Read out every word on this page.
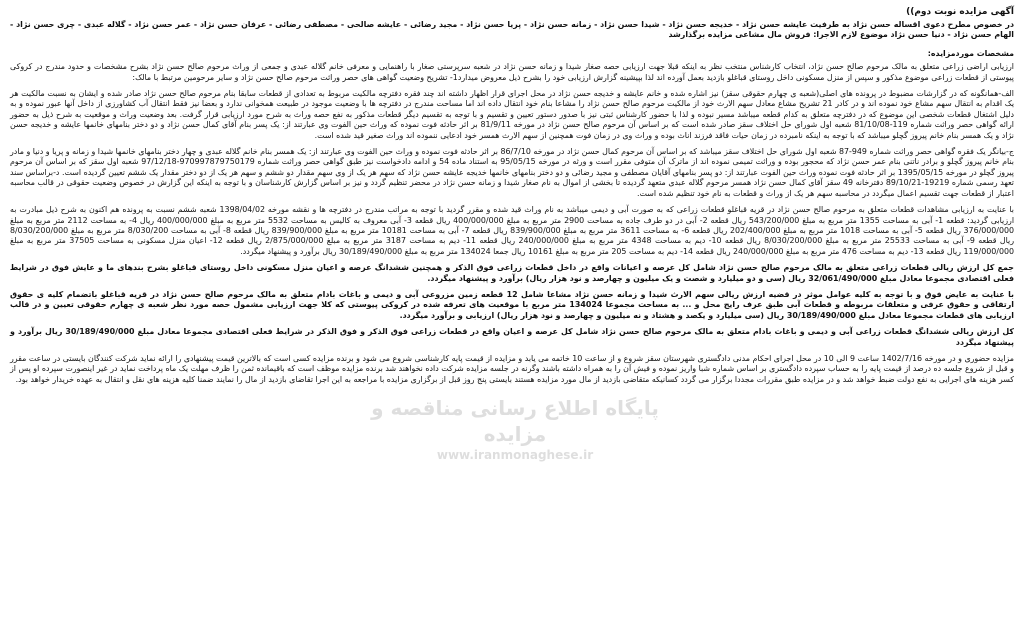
آگهی مزایده نوبت دوم))
در خصوص مطرح دعوی اقساله حسن نژاد به طرفیت عایشه حسن نژاد - خدیجه حسن نژاد - شیدا حسن نژاد - زمانه حسن نژاد - پریا حسن نژاد - مجید رضائی - عایشه صالحی - مصطفی رضائی - عرفان حسن نژاد - عمر حسن نژاد - گلاله عبدی - چری حسن نژاد - الهام حسن نژاد - دنیا حسن نژاد موضوع لازم الاجرا: فروش مال مشاعی مزایده برگذارشد
مشخصات موردمزایده:

ارزیابی اراضی زراعی متعلق به مالک مرحوم صالح حسن نژاد، انتخاب کارشناس منتخب نظر به اینکه قبلا جهت ارزیابی حصه صغار شیدا و زمانه حسن نژاد در شعبه سرپرستی صغار با راهنمایی و معرفی خانم گلاله عبدی و جمعی از وراث مرحوم صالح حسن نژاد بشرح مشخصات و حدود مندرج در کروکی پیوستی از قطعات زراعی موضوع مذکور و سپس از منزل مسکونی داخل روستای قباغلو بازدید بعمل آورده اند لذا بپیشینه گزارش ارزیابی خود را بشرح ذیل معروض میدارد1- تشریح وضعیت گواهی های حصر وراثت مرحوم صالح حسن نژاد و سایر مرحومین مرتبط با مالک:

الف-همانگونه که در گزارشات مضبوط در پرونده های اصلی(شعبه ی چهارم حقوقی سقز) نیز اشاره شده و خانم عایشه و خدیجه حسن نژاد در محل اجرای قرار اظهار داشته اند چند فقره دفترچه مالکیت مربوط به تعدادی از قطعات سابقا بنام مرحوم صالح حسن نژاد صادر شده و ایشان به نسبت مالکیت هر یک اقدام به انتقال سهم مشاع خود نموده اند و در کادر 21 تشریح مشاع معادل سهم الارث خود از مالکیت مرحوم صالح حسن نژاد را مشاعا بنام خود انتقال داده اند اما مساحت مندرج در دفترچه ها با وضعیت موجود در طبیعت همخوانی ندارد و بعضا نیز فقط انتقال آب کشاورزی از داخل آنها عبور نموده و به دلیل اشتغال قطعات شخصی این موضوع که در دفترچه متعلق به کدام قطعه میباشد مسیر نبوده و لذا با حضور کارشناس ثبتی نیز با صدور دستور تعیین و تقسیم و با توجه به تقسیم دیگر قطعات مذکور به نفع حصه وراث به شرح مورد ارزیابی قرار گرفت. بعد وضعیت وراث و موقعیت به شرح ذیل به حضور ارائه گواهی حصر وراثت شماره 119-81/10/08 شعبه اول شورای حل اختلاف سقز صادر شده است که بر اساس آن مرحوم صالح حسن نژاد در مورخه 81/9/11 بر اثر حادثه فوت نموده که وراث حین الفوت وی عبارتند از: یک پسر بنام آقای کمال حسن نژاد و دو دختر بنامهای خانمها عایشه و خدیجه حسن نژاد و یک همسر بنام خانم پیروز گچلو میباشد که با توجه به اینکه نامبرده در زمان حیات فاقد فرزند اناث بوده و وراث وی در زمان فوت همچنین از سهم الارث همسر خود ادعایی ننموده اند وراث صغیر قید شده است.

ج-بیانگر یک فقره گواهی حصر وراثت شماره 949-87 شعبه اول شورای حل اختلاف سقز میباشد که بر اساس آن مرحوم کمال حسن نژاد در مورخه 86/7/10 بر اثر حادثه فوت نموده و وراث حین الفوت وی عبارتند از: یک همسر بنام خانم گلاله عبدی و چهار دختر بنامهای خانمها شیدا و زمانه و پریا و دنیا و مادر بنام خانم پیروز گچلو و برادر ناتنی بنام عمر حسن نژاد که محجور بوده و وراثت تمیمی نموده اند از ماترک آن متوفی مقرر است و ورثه در مورخه 95/05/15 به استناد ماده 54 و ادامه دادخواست نیز طبق گواهی حصر وراثت شماره 970997879750179-97/12/18 شعبه اول سقز که بر اساس آن مرحوم پیروز گچلو در مورخه 1395/05/15 بر اثر حادثه فوت نموده وراث حین الفوت عبارتند از: دو پسر بنامهای آقایان مصطفی و مجید رضائی و دو دختر بنامهای خانمها خدیجه عایشه حسن نژاد که سهم هر یک از وی سهم مقدار دو ششم و سهم هر یک از دو دختر مقدار یک ششم تعیین گردیده است. د-براساس سند تعهد رسمی شماره 19219-89/10/21 دفترخانه 49 سقز آقای کمال حسن نژاد همسر مرحوم گلاله عبدی متعهد گردیده تا بخشی از اموال به نام صغار شیدا و زمانه حسن نژاد در محضر تنظیم گردد و نیز بر اساس گزارش کارشناسان و با توجه به اینکه این گزارش در خصوص وضعیت حقوقی در قالب محاسبه اعتبار از قطعات جهت تقسیم اعمال میگردد در محاسبه سهم هر یک از وراث و قطعات به نام خود تنظیم شده است.

با عنایت به ارزیابی مشاهدات قطعات متعلق به مرحوم صالح حسن نژاد در قریه قباغلو قطعات زراعی که به صورت آبی و دیمی میباشد به نام وراث قید شده و مقرر گردید با توجه به مراتب مندرج در دفترچه ها و نقشه مورخه 1398/04/02 شعبه ششم نسبت به پرونده هم اکنون به شرح ذیل مبادرت به ارزیابی گردید: قطعه 1- آبی به مساحت 1355 متر مربع به مبلغ 543/200/000 ریال قطعه 2- آبی در دو طرف جاده به مساحت 2900 متر مربع به مبلغ 400/000/000 ریال قطعه 3- آبی معروف به کالیس به مساحت 5532 متر مربع به مبلغ 400/000/000 ریال 4- به مساحت 2112 متر مربع به مبلغ 376/000/000 ریال قطعه 5- آبی به مساحت 1018 متر مربع به مبلغ 202/400/000 ریال قطعه 6- به مساحت 3611 متر مربع به مبلغ 839/900/000 ریال قطعه 7- آبی به مساحت 10181 متر مربع به مبلغ 839/900/000 ریال قطعه 8- آبی به مساحت 8/030/200 متر مربع به مبلغ 8/030/200/000 ریال قطعه 9- آبی به مساحت 25533 متر مربع به مبلغ 8/030/200/000 ریال قطعه 10- دیم به مساحت 4348 متر مربع به مبلغ 240/000/000 ریال قطعه 11- دیم به مساحت 3187 متر مربع به مبلغ 2/875/000/000 ریال قطعه 12- اعیان منزل مسکونی به مساحت 37505 متر مربع به مبلغ 119/000/000 ریال قطعه 13- دیم به مساحت 476 متر مربع به مبلغ 240/000/000 ریال قطعه 14- دیم به مساحت 205 متر مربع به مبلغ 10161 ریال جمعا 134024 متر مربع به مبلغ 30/189/490/000 ریال برآورد و پیشنهاد میگردد.

جمع کل ارزش ریالی قطعات زراعی متعلق به مالک مرحوم صالح حسن نژاد شامل کل عرصه و اعیانات واقع در داخل قطعات زراعی فوق الذکر و همچنین ششدانگ عرصه و اعیان منزل مسکونی داخل روستای قباغلو بشرح بندهای ما و عایش فوق در شرایط فعلی اقتصادی مجموعا معادل مبلغ 32/061/490/000 ریال (سی و دو میلیارد و شصت و یک میلیون و چهارصد و نود هزار ریال) برآورد و پیشنهاد میگردد.

با عنایت به عایض فوق و با توجه به کلیه عوامل موثر در قضیه ارزش ریالی سهم الارث شیدا و زمانه حسن نژاد مشاعا شامل 12 قطعه زمین مزروعی آبی و دیمی و باغات بادام متعلق به مالک مرحوم صالح حسن نژاد در قریه قباغلو باتضمام کلیه ی حقوق ارتفاقی و حقوق عرفی و متعلقات مربوطه و قطعات آبی طبق عرف رایج محل و ... به مساحت مجموعا 134024 متر مربع با موقعیت های تعرفه شده در کروکی پیوستی که کلا جهت ارزیابی مشمول حصه مورد نظر شعبه ی چهارم حقوقی تعیین و در قالب ارزیابی های قطعات مجموعا معادل مبلغ 30/189/490/000 ریال (سی میلیارد و یکصد و هشتاد و نه میلیون و چهارصد و نود هزار ریال) ارزیابی و برآورد میگردد.

کل ارزش ریالی ششدانگ قطعات زراعی آبی و دیمی و باغات بادام متعلق به مالک مرحوم صالح حسن نژاد شامل کل عرصه و اعیان واقع در قطعات زراعی فوق الذکر و فوق الذکر در شرایط فعلی اقتصادی مجموعا معادل مبلغ 30/189/490/000 ریال برآورد و پیشنهاد میگردد

مزایده حضوری و در مورخه 1402/7/16 ساعت 9 الی 10 در محل اجرای احکام مدنی دادگستری شهرستان سقز شروع و از ساعت 10 خاتمه می یابد و مزایده از قیمت پایه کارشناسی شروع می شود و برنده مزایده کسی است که بالاترین قیمت پیشنهادی را ارائه نماید شرکت کنندگان بایستی در ساعت مقرر و قبل از شروع جلسه ده درصد از قیمت پایه را به حساب سپرده دادگستری بر اساس شماره شبا واریز نموده و فیش آن را به همراه داشته باشند وگرنه در جلسه مزایده شرکت داده نخواهند شد برنده مزایده موظف است که باقیمانده ثمن را ظرف مهلت یک ماه پرداخت نماید در غیر اینصورت سپرده او پس از کسر هزینه های اجرایی به نفع دولت ضبط خواهد شد و در مزایده طبق مقررات مجددا برگزار می گردد کسانیکه متقاضی بازدید از مال مورد مزایده هستند بایستی پنج روز قبل از برگزاری مزایده با مراجعه به این اجرا تقاضای بازدید از مال را نمایند ضمنا کلیه هزینه های نقل و انتقال به عهده خریدار خواهد بود.

پایگاه اطلاع رسانی مناقصه و مزایده
www.iranmonaghese.ir
